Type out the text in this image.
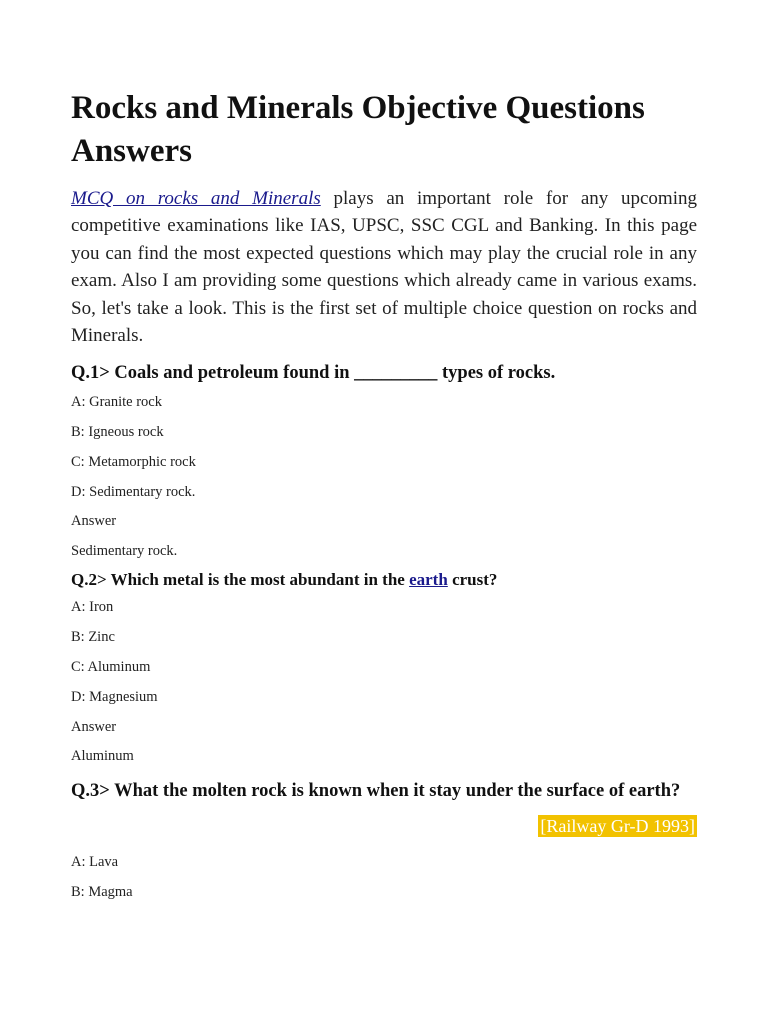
Rocks and Minerals Objective Questions Answers

MCQ on rocks and Minerals plays an important role for any upcoming competitive examinations like IAS, UPSC, SSC CGL and Banking. In this page you can find the most expected questions which may play the crucial role in any exam. Also I am providing some questions which already came in various exams. So, let's take a look. This is the first set of multiple choice question on rocks and Minerals.

Q.1> Coals and petroleum found in _________ types of rocks.

A: Granite rock

B: Igneous rock

C: Metamorphic rock

D: Sedimentary rock.

Answer

Sedimentary rock.

Q.2> Which metal is the most abundant in the earth crust?

A: Iron

B: Zinc

C: Aluminum

D: Magnesium

Answer

Aluminum

Q.3> What the molten rock is known when it stay under the surface of earth?

[Railway Gr-D 1993]

A: Lava

B: Magma
